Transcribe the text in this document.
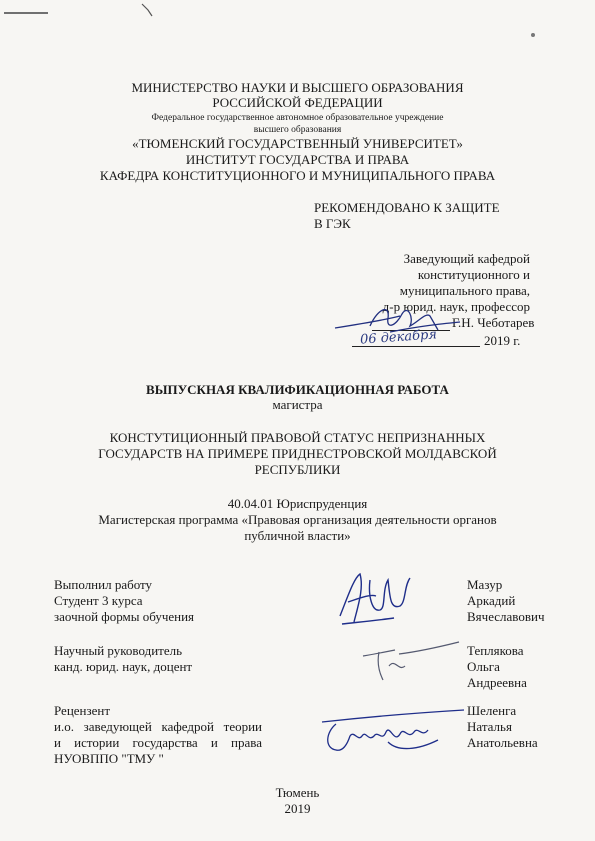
МИНИСТЕРСТВО НАУКИ И ВЫСШЕГО ОБРАЗОВАНИЯ
РОССИЙСКОЙ ФЕДЕРАЦИИ
Федеральное государственное автономное образовательное учреждение
высшего образования
«ТЮМЕНСКИЙ ГОСУДАРСТВЕННЫЙ УНИВЕРСИТЕТ»
ИНСТИТУТ ГОСУДАРСТВА И ПРАВА
КАФЕДРА КОНСТИТУЦИОННОГО И МУНИЦИПАЛЬНОГО ПРАВА
РЕКОМЕНДОВАНО К ЗАЩИТЕ
В ГЭК
Заведующий кафедрой
конституционного и
муниципального права,
д-р юрид. наук, профессор
Г.Н. Чеботарев
06 декабря	2019 г.
ВЫПУСКНАЯ КВАЛИФИКАЦИОННАЯ РАБОТА
магистра
КОНСТУТИЦИОННЫЙ ПРАВОВОЙ СТАТУС НЕПРИЗНАННЫХ
ГОСУДАРСТВ НА ПРИМЕРЕ ПРИДНЕСТРОВСКОЙ МОЛДАВСКОЙ
РЕСПУБЛИКИ
40.04.01 Юриспруденция
Магистерская программа «Правовая организация деятельности органов
публичной власти»
Выполнил работу
Студент 3 курса
заочной формы обучения
Мазур
Аркадий
Вячеславович
Научный руководитель
канд. юрид. наук, доцент
Теплякова
Ольга
Андреевна
Рецензент
и.о. заведующей кафедрой теории
и истории государства и права
НУОВППО "ТМУ "
Шеленга
Наталья
Анатольевна
Тюмень
2019
